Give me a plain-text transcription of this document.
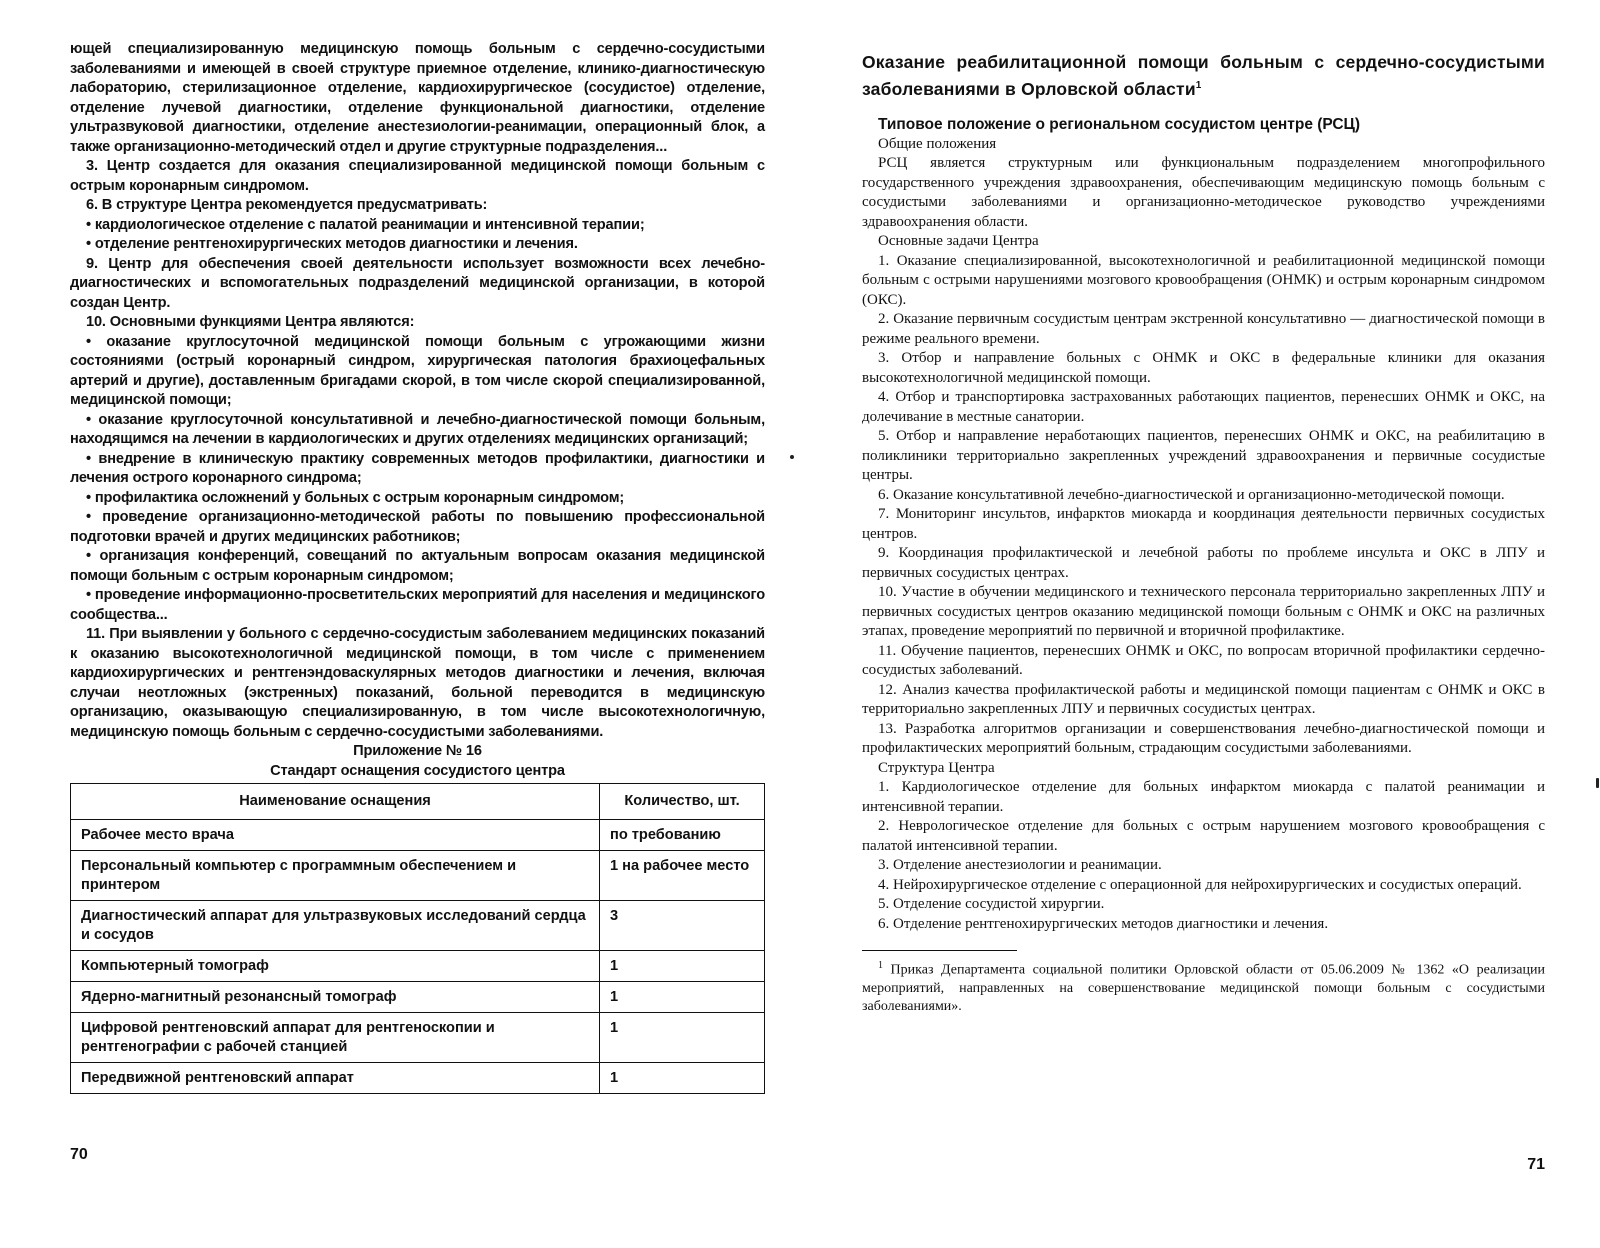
ющей специализированную медицинскую помощь больным с сердечно-сосудистыми заболеваниями и имеющей в своей структуре приемное отделение, клинико-диагностическую лабораторию, стерилизационное отделение, кардиохирургическое (сосудистое) отделение, отделение лучевой диагностики, отделение функциональной диагностики, отделение ультразвуковой диагностики, отделение анестезиологии-реанимации, операционный блок, а также организационно-методический отдел и другие структурные подразделения...

3. Центр создается для оказания специализированной медицинской помощи больным с острым коронарным синдромом.

6. В структуре Центра рекомендуется предусматривать:

• кардиологическое отделение с палатой реанимации и интенсивной терапии;

• отделение рентгенохирургических методов диагностики и лечения.

9. Центр для обеспечения своей деятельности использует возможности всех лечебно-диагностических и вспомогательных подразделений медицинской организации, в которой создан Центр.

10. Основными функциями Центра являются:

• оказание круглосуточной медицинской помощи больным с угрожающими жизни состояниями (острый коронарный синдром, хирургическая патология брахиоцефальных артерий и другие), доставленным бригадами скорой, в том числе скорой специализированной, медицинской помощи;

• оказание круглосуточной консультативной и лечебно-диагностической помощи больным, находящимся на лечении в кардиологических и других отделениях медицинских организаций;

• внедрение в клиническую практику современных методов профилактики, диагностики и лечения острого коронарного синдрома;

• профилактика осложнений у больных с острым коронарным синдромом;

• проведение организационно-методической работы по повышению профессиональной подготовки врачей и других медицинских работников;

• организация конференций, совещаний по актуальным вопросам оказания медицинской помощи больным с острым коронарным синдромом;

• проведение информационно-просветительских мероприятий для населения и медицинского сообщества...

11. При выявлении у больного с сердечно-сосудистым заболеванием медицинских показаний к оказанию высокотехнологичной медицинской помощи, в том числе с применением кардиохирургических и рентгенэндоваскулярных методов диагностики и лечения, включая случаи неотложных (экстренных) показаний, больной переводится в медицинскую организацию, оказывающую специализированную, в том числе высокотехнологичную, медицинскую помощь больным с сердечно-сосудистыми заболеваниями.

Приложение № 16

Стандарт оснащения сосудистого центра

Наименование оснащения	Количество, шт.
Рабочее место врача	по требованию
Персональный компьютер с программным обеспечением и принтером	1 на рабочее место
Диагностический аппарат для ультразвуковых исследований сердца и сосудов	3
Компьютерный томограф	1
Ядерно-магнитный резонансный томограф	1
Цифровой рентгеновский аппарат для рентгеноскопии и рентгенографии с рабочей станцией	1
Передвижной рентгеновский аппарат	1
70
Оказание реабилитационной помощи больным с сердечно-сосудистыми заболеваниями в Орловской области$^1$
Типовое положение о региональном сосудистом центре (РСЦ)

Общие положения

РСЦ является структурным или функциональным подразделением многопрофильного государственного учреждения здравоохранения, обеспечивающим медицинскую помощь больным с сосудистыми заболеваниями и организационно-методическое руководство учреждениями здравоохранения области.

Основные задачи Центра

1. Оказание специализированной, высокотехнологичной и реабилитационной медицинской помощи больным с острыми нарушениями мозгового кровообращения (ОНМК) и острым коронарным синдромом (ОКС).

2. Оказание первичным сосудистым центрам экстренной консультативно — диагностической помощи в режиме реального времени.

3. Отбор и направление больных с ОНМК и ОКС в федеральные клиники для оказания высокотехнологичной медицинской помощи.

4. Отбор и транспортировка застрахованных работающих пациентов, перенесших ОНМК и ОКС, на долечивание в местные санатории.

5. Отбор и направление неработающих пациентов, перенесших ОНМК и ОКС, на реабилитацию в поликлиники территориально закрепленных учреждений здравоохранения и первичные сосудистые центры.

6. Оказание консультативной лечебно-диагностической и организационно-методической помощи.

7. Мониторинг инсультов, инфарктов миокарда и координация деятельности первичных сосудистых центров.

9. Координация профилактической и лечебной работы по проблеме инсульта и ОКС в ЛПУ и первичных сосудистых центрах.

10. Участие в обучении медицинского и технического персонала территориально закрепленных ЛПУ и первичных сосудистых центров оказанию медицинской помощи больным с ОНМК и ОКС на различных этапах, проведение мероприятий по первичной и вторичной профилактике.

11. Обучение пациентов, перенесших ОНМК и ОКС, по вопросам вторичной профилактики сердечно-сосудистых заболеваний.

12. Анализ качества профилактической работы и медицинской помощи пациентам с ОНМК и ОКС в территориально закрепленных ЛПУ и первичных сосудистых центрах.

13. Разработка алгоритмов организации и совершенствования лечебно-диагностической помощи и профилактических мероприятий больным, страдающим сосудистыми заболеваниями.

Структура Центра

1. Кардиологическое отделение для больных инфарктом миокарда с палатой реанимации и интенсивной терапии.

2. Неврологическое отделение для больных с острым нарушением мозгового кровообращения с палатой интенсивной терапии.

3. Отделение анестезиологии и реанимации.

4. Нейрохирургическое отделение с операционной для нейрохирургических и сосудистых операций.

5. Отделение сосудистой хирургии.

6. Отделение рентгенохирургических методов диагностики и лечения.

$^1$ Приказ Департамента социальной политики Орловской области от 05.06.2009 № 1362 «О реализации мероприятий, направленных на совершенствование медицинской помощи больным с сосудистыми заболеваниями».

71
